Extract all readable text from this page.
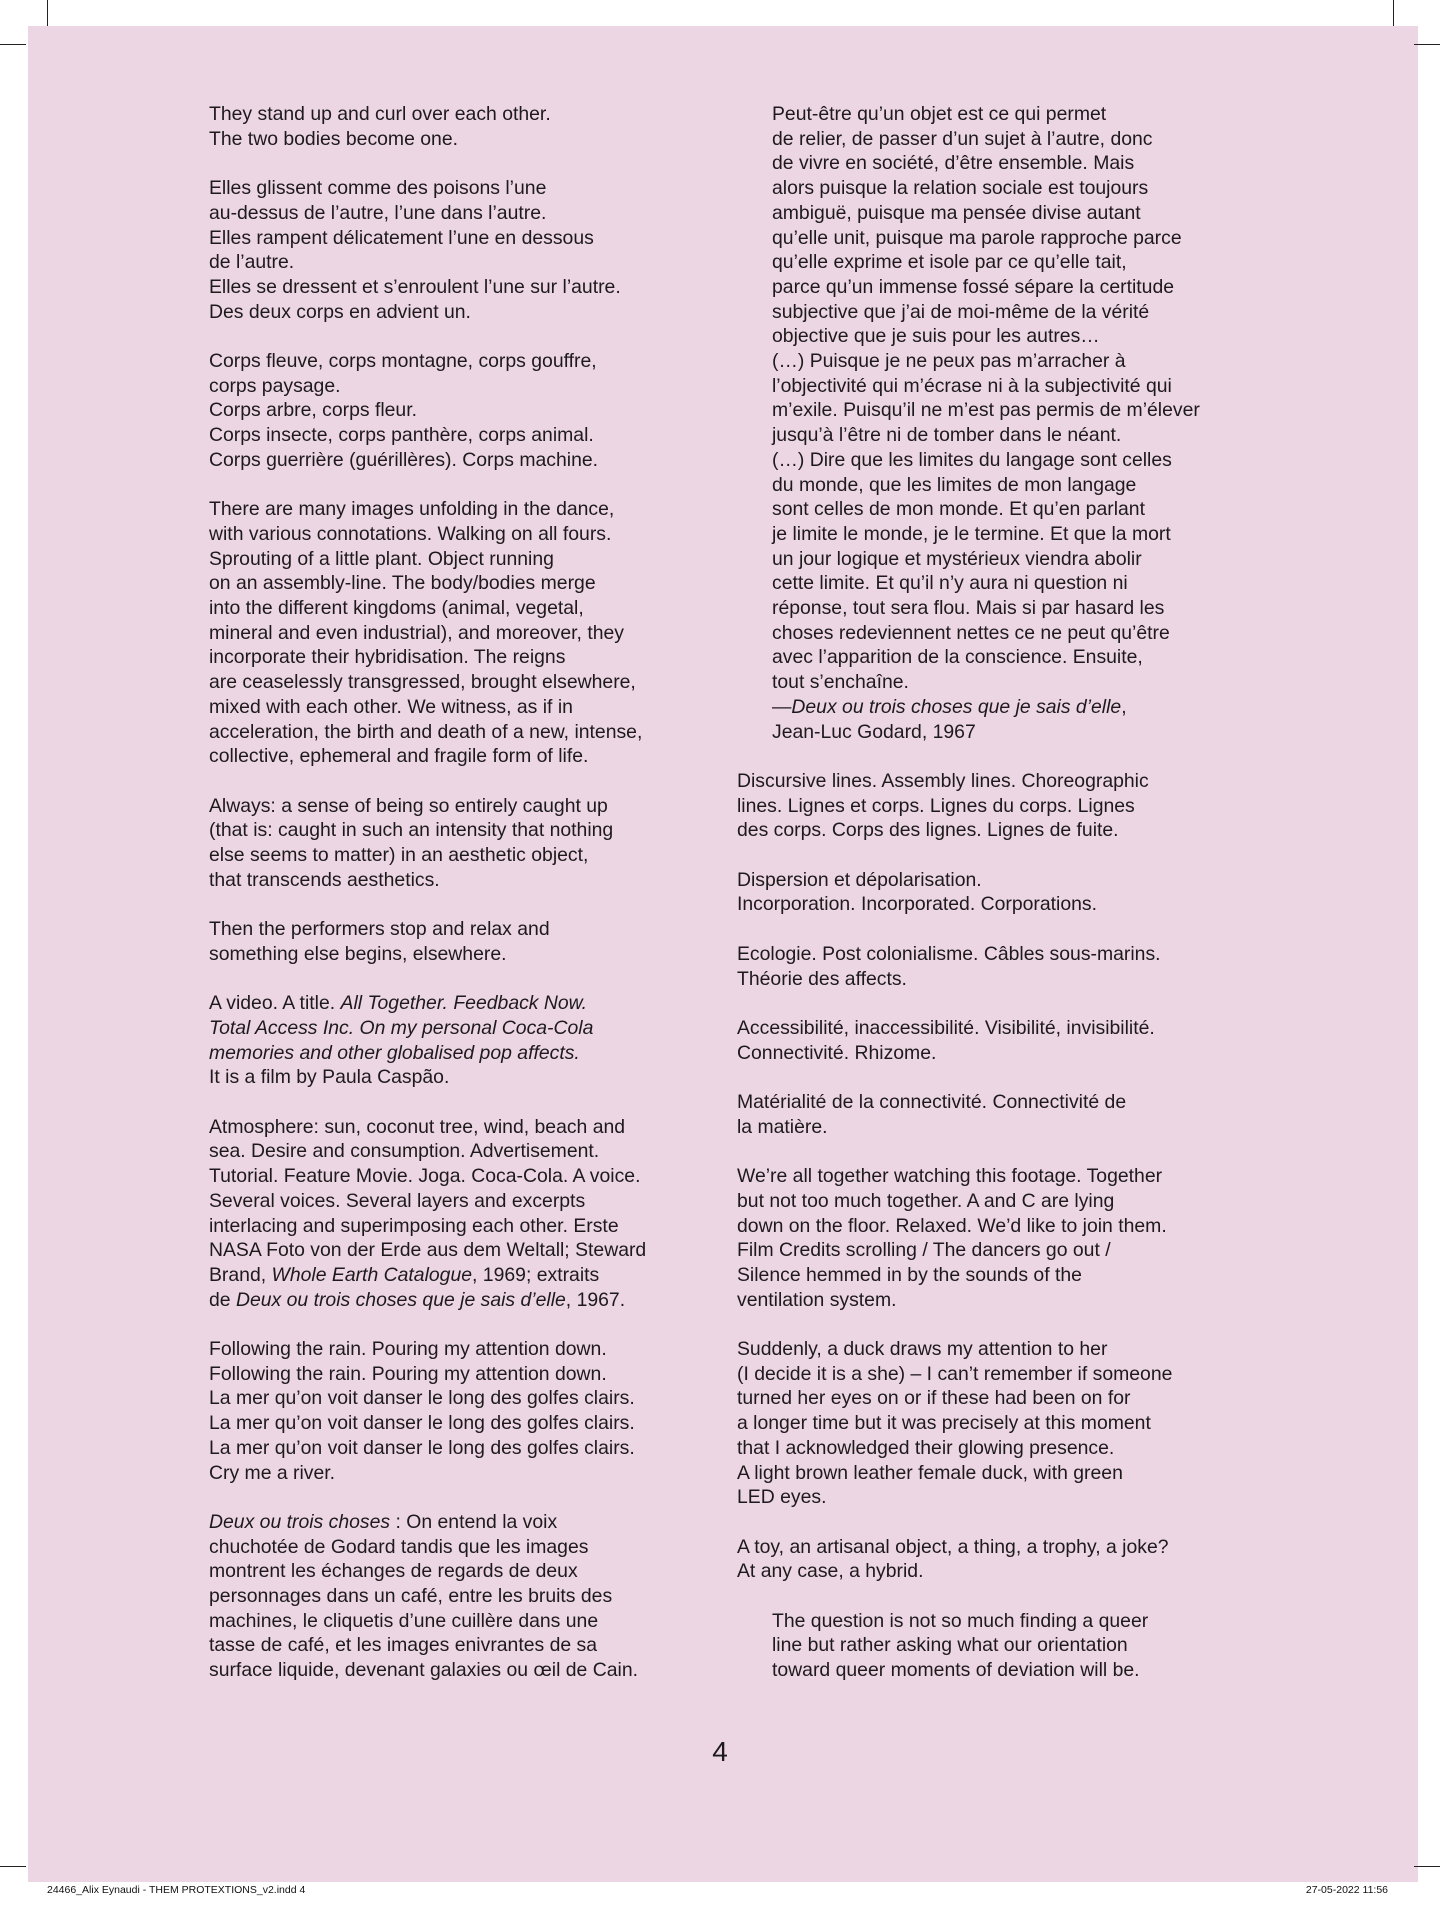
They stand up and curl over each other.
The two bodies become one.
Elles glissent comme des poisons l’une
au-dessus de l’autre, l’une dans l’autre.
Elles rampent délicatement l’une en dessous
de l’autre.
Elles se dressent et s’enroulent l’une sur l’autre.
Des deux corps en advient un.
Corps fleuve, corps montagne, corps gouffre,
corps paysage.
Corps arbre, corps fleur.
Corps insecte, corps panthère, corps animal.
Corps guerrière (guérillères). Corps machine.
There are many images unfolding in the dance,
with various connotations. Walking on all fours.
Sprouting of a little plant. Object running
on an assembly-line. The body/bodies merge
into the different kingdoms (animal, vegetal,
mineral and even industrial), and moreover, they
incorporate their hybridisation. The reigns
are ceaselessly transgressed, brought elsewhere,
mixed with each other. We witness, as if in
acceleration, the birth and death of a new, intense,
collective, ephemeral and fragile form of life.
Always: a sense of being so entirely caught up
(that is: caught in such an intensity that nothing
else seems to matter) in an aesthetic object,
that transcends aesthetics.
Then the performers stop and relax and
something else begins, elsewhere.
A video. A title. All Together. Feedback Now.
Total Access Inc. On my personal Coca-Cola
memories and other globalised pop affects.
It is a film by Paula Caspão.
Atmosphere: sun, coconut tree, wind, beach and
sea. Desire and consumption. Advertisement.
Tutorial. Feature Movie. Joga. Coca-Cola. A voice.
Several voices. Several layers and excerpts
interlacing and superimposing each other. Erste
NASA Foto von der Erde aus dem Weltall; Steward
Brand, Whole Earth Catalogue, 1969; extraits
de Deux ou trois choses que je sais d’elle, 1967.
Following the rain. Pouring my attention down.
Following the rain. Pouring my attention down.
La mer qu’on voit danser le long des golfes clairs.
La mer qu’on voit danser le long des golfes clairs.
La mer qu’on voit danser le long des golfes clairs.
Cry me a river.
Deux ou trois choses : On entend la voix
chuchotée de Godard tandis que les images
montrent les échanges de regards de deux
personnages dans un café, entre les bruits des
machines, le cliquetis d’une cuillère dans une
tasse de café, et les images enivrantes de sa
surface liquide, devenant galaxies ou œil de Cain.
Peut-être qu’un objet est ce qui permet
de relier, de passer d’un sujet à l’autre, donc
de vivre en société, d’être ensemble. Mais
alors puisque la relation sociale est toujours
ambiguë, puisque ma pensée divise autant
qu’elle unit, puisque ma parole rapproche parce
qu’elle exprime et isole par ce qu’elle tait,
parce qu’un immense fossé sépare la certitude
subjective que j’ai de moi-même de la vérité
objective que je suis pour les autres…
(…) Puisque je ne peux pas m’arracher à
l’objectivité qui m’écrase ni à la subjectivité qui
m’exile. Puisqu’il ne m’est pas permis de m’élever
jusqu’à l’être ni de tomber dans le néant.
(…) Dire que les limites du langage sont celles
du monde, que les limites de mon langage
sont celles de mon monde. Et qu’en parlant
je limite le monde, je le termine. Et que la mort
un jour logique et mystérieux viendra abolir
cette limite. Et qu’il n’y aura ni question ni
réponse, tout sera flou. Mais si par hasard les
choses redeviennent nettes ce ne peut qu’être
avec l’apparition de la conscience. Ensuite,
tout s’enchaîne.
—Deux ou trois choses que je sais d’elle,
Jean-Luc Godard, 1967
Discursive lines. Assembly lines. Choreographic
lines. Lignes et corps. Lignes du corps. Lignes
des corps. Corps des lignes. Lignes de fuite.
Dispersion et dépolarisation.
Incorporation. Incorporated. Corporations.
Ecologie. Post colonialisme. Câbles sous-marins.
Théorie des affects.
Accessibilité, inaccessibilité. Visibilité, invisibilité.
Connectivité. Rhizome.
Matérialité de la connectivité. Connectivité de
la matière.
We’re all together watching this footage. Together
but not too much together. A and C are lying
down on the floor. Relaxed. We’d like to join them.
Film Credits scrolling / The dancers go out /
Silence hemmed in by the sounds of the
ventilation system.
Suddenly, a duck draws my attention to her
(I decide it is a she) – I can’t remember if someone
turned her eyes on or if these had been on for
a longer time but it was precisely at this moment
that I acknowledged their glowing presence.
A light brown leather female duck, with green
LED eyes.
A toy, an artisanal object, a thing, a trophy, a joke?
At any case, a hybrid.
The question is not so much finding a queer
line but rather asking what our orientation
toward queer moments of deviation will be.
4
24466_Alix Eynaudi - THEM PROTEXTIONS_v2.indd 4	27-05-2022 11:56
